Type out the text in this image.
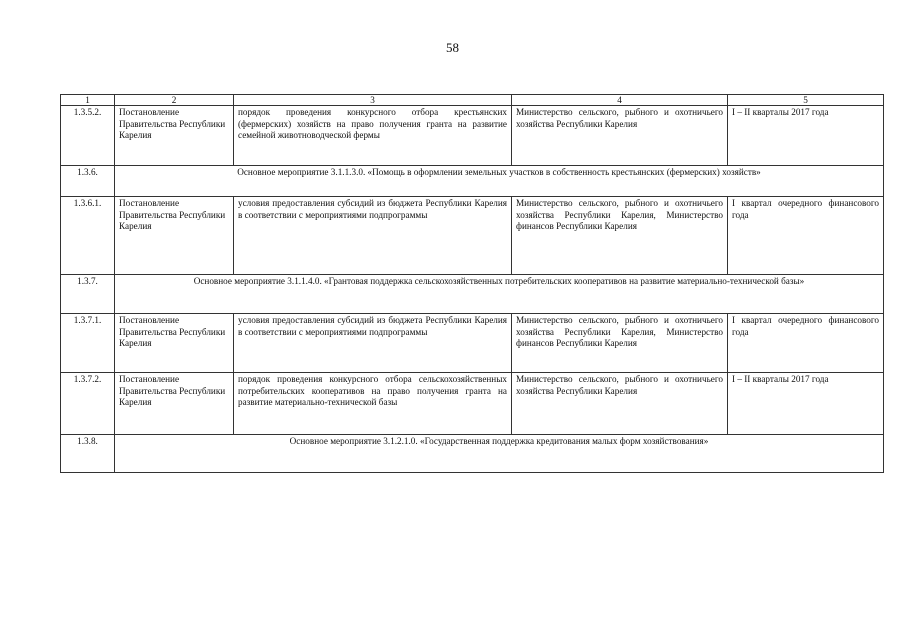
58
1	2	3	4	5
1.3.5.2.	Постановление Правительства Республики Карелия	порядок проведения конкурсного отбора крестьянских (фермерских) хозяйств на право получения гранта на развитие семейной животноводческой фермы	Министерство сельского, рыбного и охотничьего хозяйства Республики Карелия	I – II кварталы 2017 года
1.3.6.	Основное мероприятие 3.1.1.3.0. «Помощь в оформлении земельных участков в собственность крестьянских (фермерских) хозяйств»			
1.3.6.1.	Постановление Правительства Республики Карелия	условия предоставления субсидий из бюджета Республики Карелия в соответствии с мероприятиями подпрограммы	Министерство сельского, рыбного и охотничьего хозяйства Республики Карелия, Министерство финансов Республики Карелия	I квартал очередного финансового года
1.3.7.	Основное мероприятие 3.1.1.4.0. «Грантовая поддержка сельскохозяйственных потребительских кооперативов на развитие материально-технической базы»			
1.3.7.1.	Постановление Правительства Республики Карелия	условия предоставления субсидий из бюджета Республики Карелия в соответствии с мероприятиями подпрограммы	Министерство сельского, рыбного и охотничьего хозяйства Республики Карелия, Министерство финансов Республики Карелия	I квартал очередного финансового года
1.3.7.2.	Постановление Правительства Республики Карелия	порядок проведения конкурсного отбора сельскохозяйственных потребительских кооперативов на право получения гранта на развитие материально-технической базы	Министерство сельского, рыбного и охотничьего хозяйства Республики Карелия	I – II кварталы 2017 года
1.3.8.	Основное мероприятие 3.1.2.1.0. «Государственная поддержка кредитования малых форм хозяйствования»			
